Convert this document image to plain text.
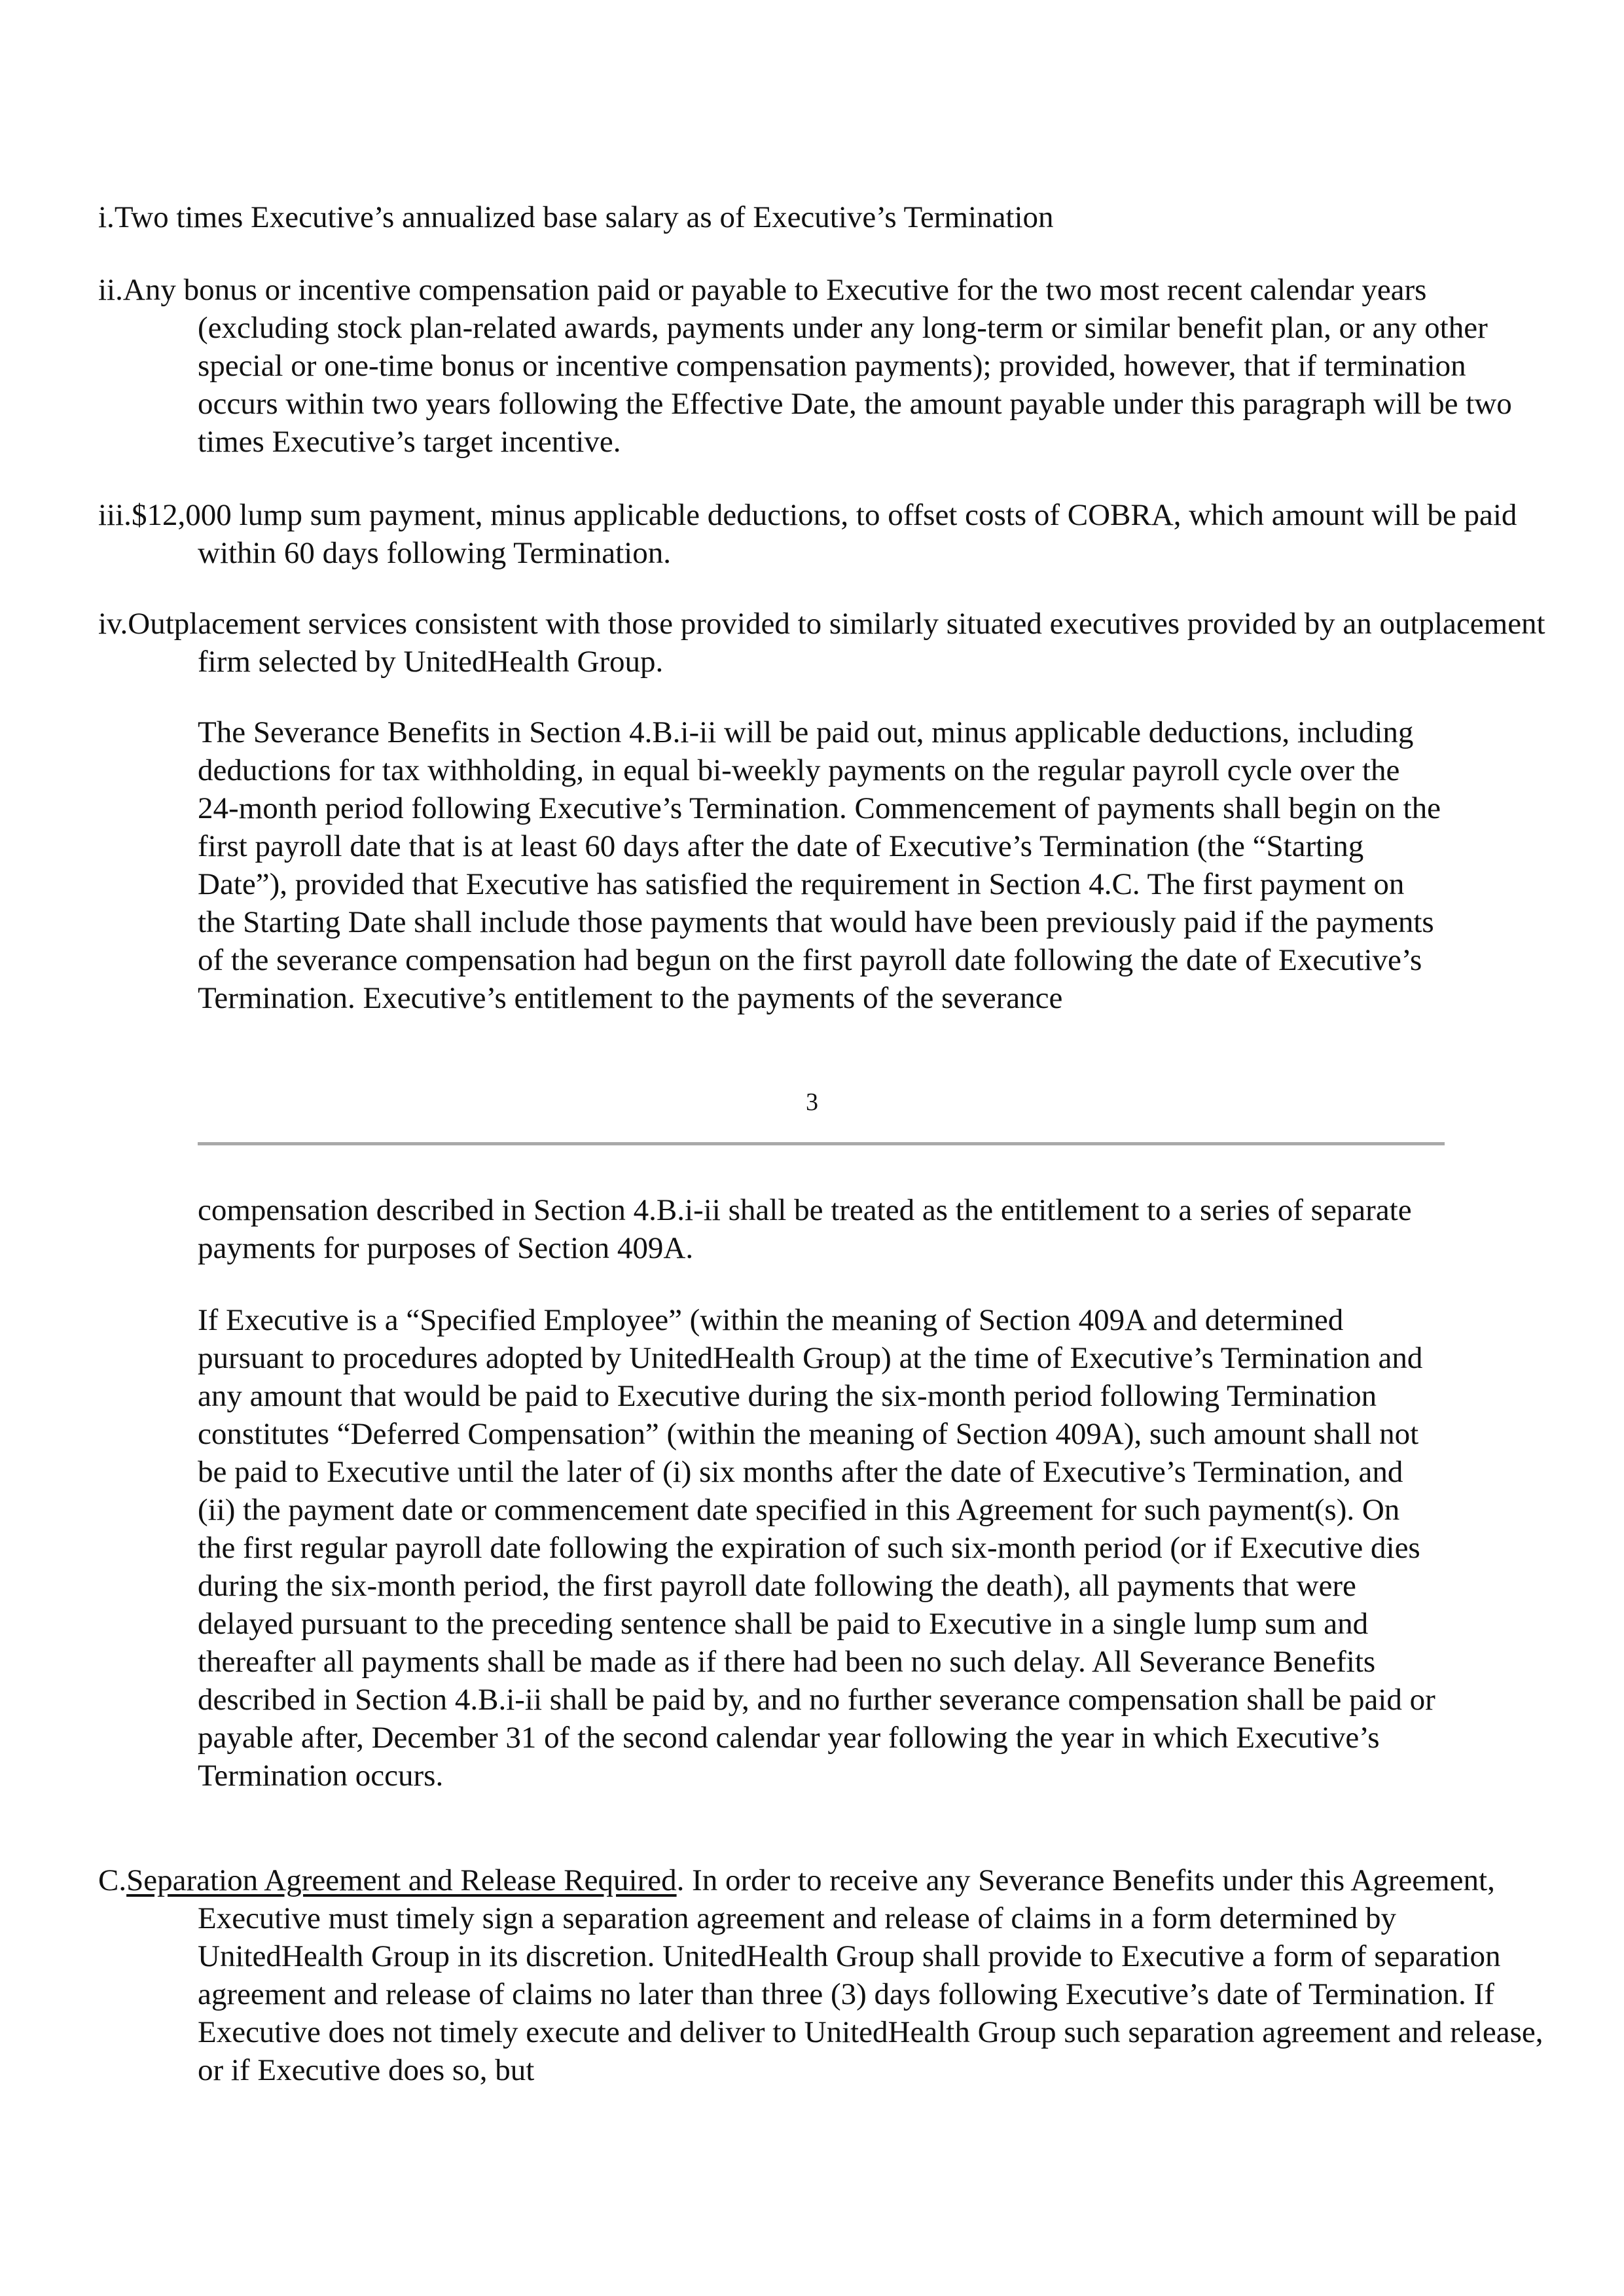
i.Two times Executive’s annualized base salary as of Executive’s Termination

ii.Any bonus or incentive compensation paid or payable to Executive for the two most recent calendar years (excluding stock plan-related awards, payments under any long-term or similar benefit plan, or any other special or one-time bonus or incentive compensation payments); provided, however, that if termination occurs within two years following the Effective Date, the amount payable under this paragraph will be two times Executive’s target incentive.

iii.$12,000 lump sum payment, minus applicable deductions, to offset costs of COBRA, which amount will be paid within 60 days following Termination.

iv.Outplacement services consistent with those provided to similarly situated executives provided by an outplacement firm selected by UnitedHealth Group.

The Severance Benefits in Section 4.B.i-ii will be paid out, minus applicable deductions, including deductions for tax withholding, in equal bi-weekly payments on the regular payroll cycle over the 24-month period following Executive’s Termination. Commencement of payments shall begin on the first payroll date that is at least 60 days after the date of Executive’s Termination (the “Starting Date”), provided that Executive has satisfied the requirement in Section 4.C. The first payment on the Starting Date shall include those payments that would have been previously paid if the payments of the severance compensation had begun on the first payroll date following the date of Executive’s Termination. Executive’s entitlement to the payments of the severance

3

compensation described in Section 4.B.i-ii shall be treated as the entitlement to a series of separate payments for purposes of Section 409A.

If Executive is a “Specified Employee” (within the meaning of Section 409A and determined pursuant to procedures adopted by UnitedHealth Group) at the time of Executive’s Termination and any amount that would be paid to Executive during the six-month period following Termination constitutes “Deferred Compensation” (within the meaning of Section 409A), such amount shall not be paid to Executive until the later of (i) six months after the date of Executive’s Termination, and (ii) the payment date or commencement date specified in this Agreement for such payment(s). On the first regular payroll date following the expiration of such six-month period (or if Executive dies during the six-month period, the first payroll date following the death), all payments that were delayed pursuant to the preceding sentence shall be paid to Executive in a single lump sum and thereafter all payments shall be made as if there had been no such delay. All Severance Benefits described in Section 4.B.i-ii shall be paid by, and no further severance compensation shall be paid or payable after, December 31 of the second calendar year following the year in which Executive’s Termination occurs.

C.Separation Agreement and Release Required. In order to receive any Severance Benefits under this Agreement, Executive must timely sign a separation agreement and release of claims in a form determined by UnitedHealth Group in its discretion. UnitedHealth Group shall provide to Executive a form of separation agreement and release of claims no later than three (3) days following Executive’s date of Termination. If Executive does not timely execute and deliver to UnitedHealth Group such separation agreement and release, or if Executive does so, but
